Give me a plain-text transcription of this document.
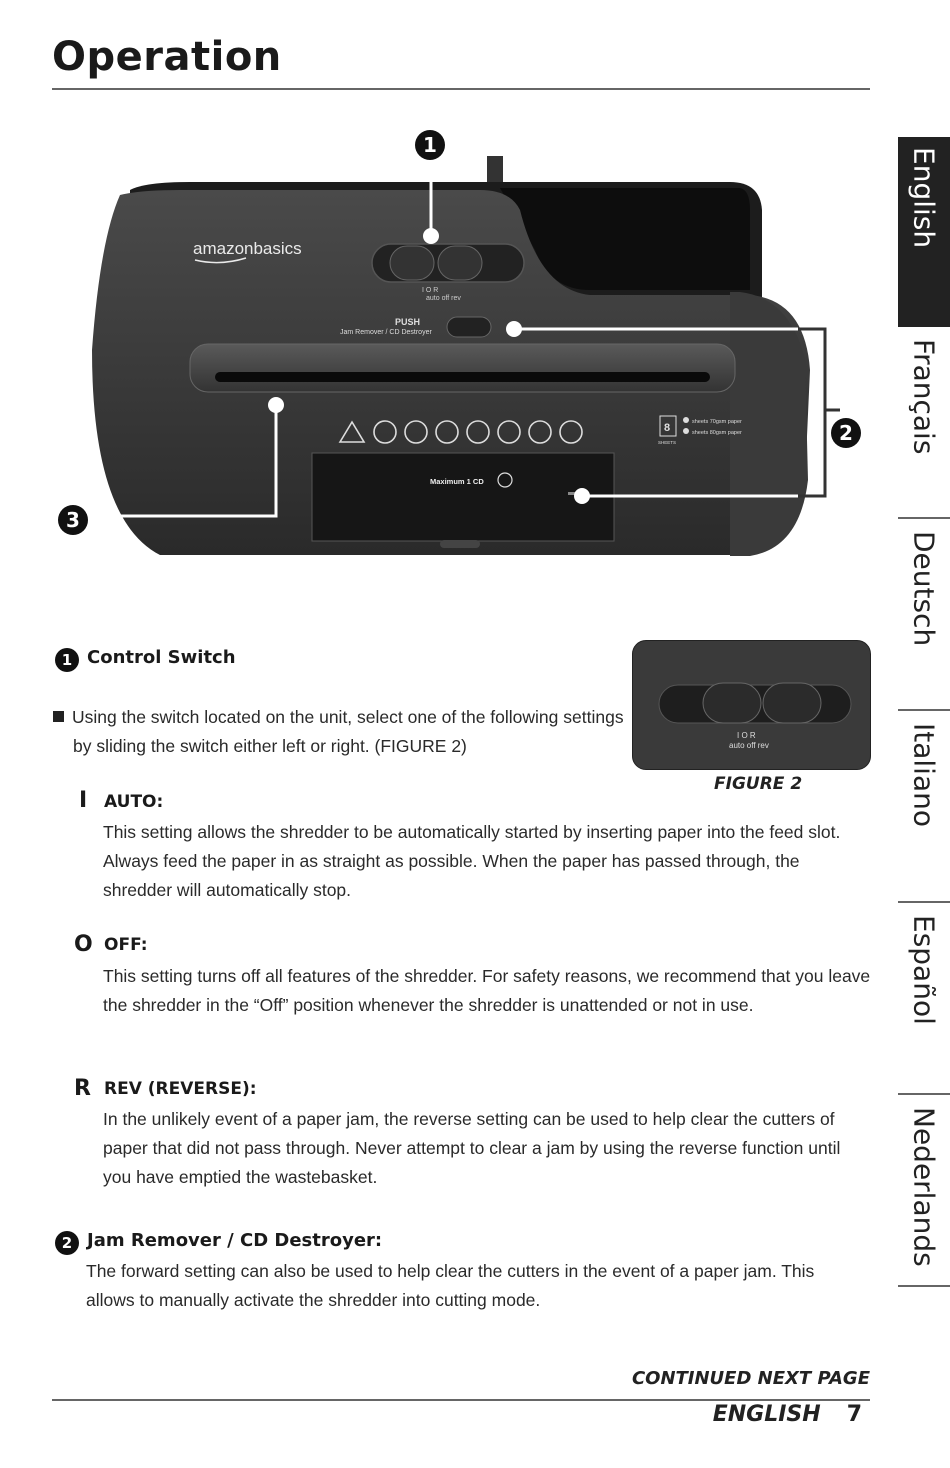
Operation
English
Français
Deutsch
Italiano
Español
Nederlands
amazonbasics
I O R
auto off rev
PUSH
Jam Remover / CD Destroyer
8
SHEETS
sheets 70gsm paper
sheets 80gsm paper
Maximum 1 CD
1
2
3
1 Control Switch
Using the switch located on the unit, select one of the following settings by sliding the switch either left or right. (FIGURE 2)
I O R
auto off rev
FIGURE 2
I AUTO:
This setting allows the shredder to be automatically started by inserting paper into the feed slot. Always feed the paper in as straight as possible. When the paper has passed through, the shredder will automatically stop.
O OFF:
This setting turns off all features of the shredder. For safety reasons, we recommend that you leave the shredder in the “Off” position whenever the shredder is unattended or not in use.
R REV (REVERSE):
In the unlikely event of a paper jam, the reverse setting can be used to help clear the cutters of paper that did not pass through. Never attempt to clear a jam by using the reverse function until you have emptied the wastebasket.
2 Jam Remover / CD Destroyer:
The forward setting can also be used to help clear the cutters in the event of a paper jam. This allows to manually activate the shredder into cutting mode.
CONTINUED NEXT PAGE
ENGLISH 7
